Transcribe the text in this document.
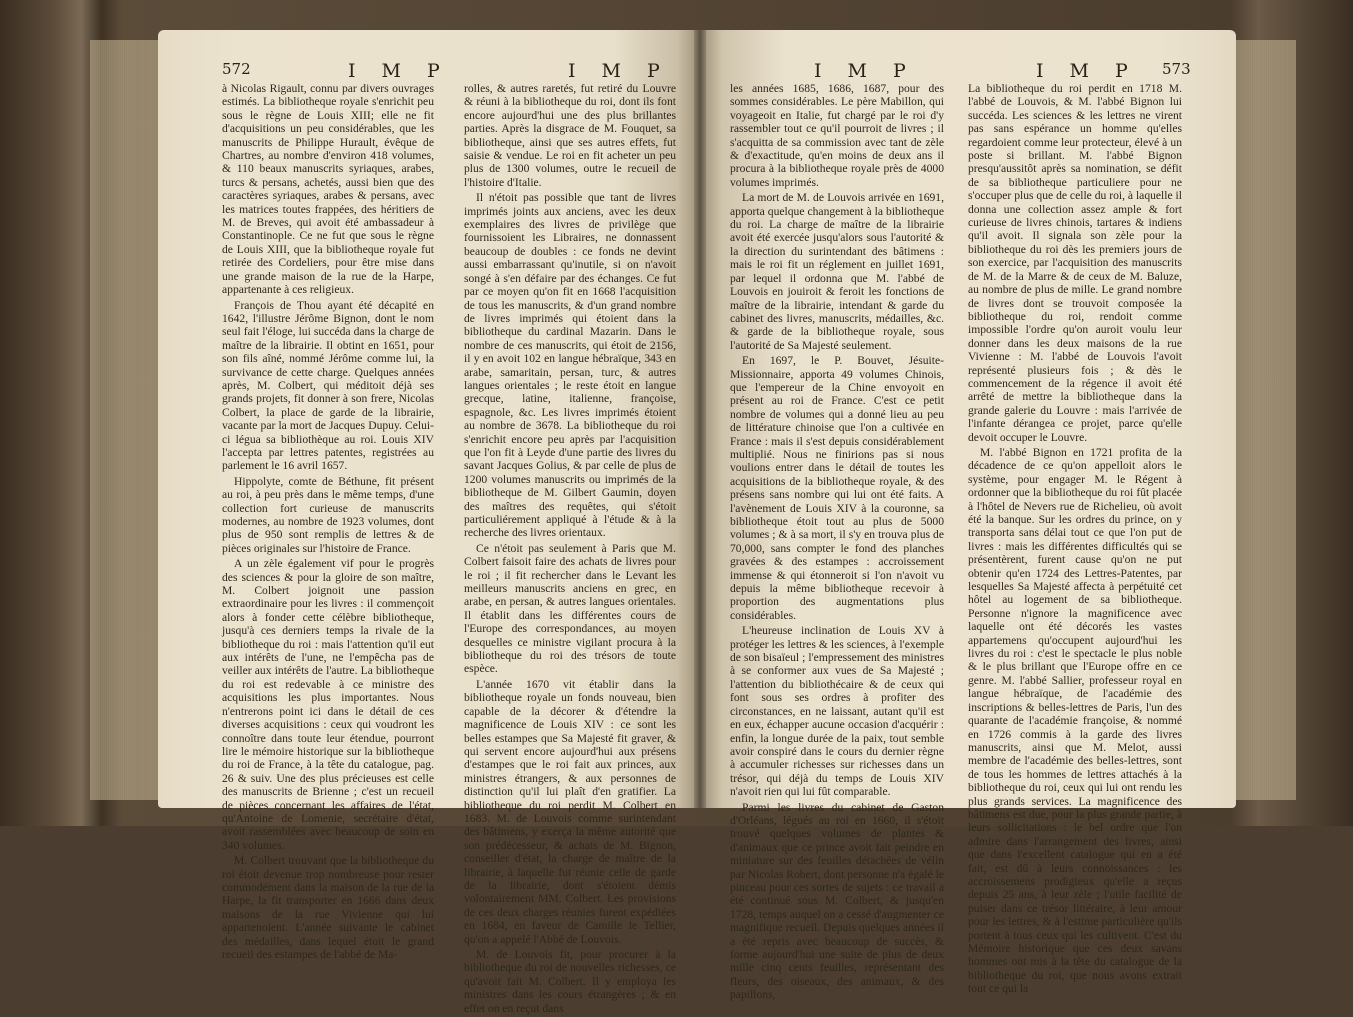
572	I M P	I M P

à Nicolas Rigault, connu par divers ouvrages estimés. La bibliotheque royale s'enrichit peu sous le règne de Louis XIII; elle ne fit d'acquisitions un peu considérables, que les manuscrits de Philippe Hurault, évêque de Chartres, au nombre d'environ 418 volumes, & 110 beaux manuscrits syriaques, arabes, turcs & persans, achetés, aussi bien que des caractères syriaques, arabes & persans, avec les matrices toutes frappées, des héritiers de M. de Breves, qui avoit été ambassadeur à Constantinople. Ce ne fut que sous le règne de Louis XIII, que la bibliotheque royale fut retirée des Cordeliers, pour être mise dans une grande maison de la rue de la Harpe, appartenante à ces religieux.

François de Thou ayant été décapité en 1642, l'illustre Jérôme Bignon, dont le nom seul fait l'éloge, lui succéda dans la charge de maître de la librairie. Il obtint en 1651, pour son fils aîné, nommé Jérôme comme lui, la survivance de cette charge. Quelques années après, M. Colbert, qui méditoit déjà ses grands projets, fit donner à son frere, Nicolas Colbert, la place de garde de la librairie, vacante par la mort de Jacques Dupuy. Celui-ci légua sa bibliothèque au roi. Louis XIV l'accepta par lettres patentes, registrées au parlement le 16 avril 1657.

Hippolyte, comte de Béthune, fit présent au roi, à peu près dans le même temps, d'une collection fort curieuse de manuscrits modernes, au nombre de 1923 volumes, dont plus de 950 sont remplis de lettres & de pièces originales sur l'histoire de France.

A un zèle également vif pour le progrès des sciences & pour la gloire de son maître, M. Colbert joignoit une passion extraordinaire pour les livres : il commençoit alors à fonder cette célèbre bibliotheque, jusqu'à ces derniers temps la rivale de la bibliotheque du roi : mais l'attention qu'il eut aux intérêts de l'une, ne l'empêcha pas de veiller aux intérêts de l'autre. La bibliotheque du roi est redevable à ce ministre des acquisitions les plus importantes. Nous n'entrerons point ici dans le détail de ces diverses acquisitions : ceux qui voudront les connoître dans toute leur étendue, pourront lire le mémoire historique sur la bibliotheque du roi de France, à la tête du catalogue, pag. 26 & suiv. Une des plus précieuses est celle des manuscrits de Brienne ; c'est un recueil de pièces concernant les affaires de l'état, qu'Antoine de Lomenie, secrétaire d'état, avoit rassemblées avec beaucoup de soin en 340 volumes.

M. Colbert trouvant que la bibliotheque du roi étoit devenue trop nombreuse pour rester commodément dans la maison de la rue de la Harpe, la fit transporter en 1666 dans deux maisons de la rue Vivienne qui lui appartenoient. L'année suivante le cabinet des médailles, dans lequel étoit le grand recueil des estampes de l'abbé de Ma-

rolles, & autres raretés, fut retiré du Louvre & réuni à la bibliotheque du roi, dont ils font encore aujourd'hui une des plus brillantes parties. Après la disgrace de M. Fouquet, sa bibliotheque, ainsi que ses autres effets, fut saisie & vendue. Le roi en fit acheter un peu plus de 1300 volumes, outre le recueil de l'histoire d'Italie.

Il n'étoit pas possible que tant de livres imprimés joints aux anciens, avec les deux exemplaires des livres de privilège que fournissoient les Libraires, ne donnassent beaucoup de doubles : ce fonds ne devint aussi embarrassant qu'inutile, si on n'avoit songé à s'en défaire par des échanges. Ce fut par ce moyen qu'on fit en 1668 l'acquisition de tous les manuscrits, & d'un grand nombre de livres imprimés qui étoient dans la bibliotheque du cardinal Mazarin. Dans le nombre de ces manuscrits, qui étoit de 2156, il y en avoit 102 en langue hébraïque, 343 en arabe, samaritain, persan, turc, & autres langues orientales ; le reste étoit en langue grecque, latine, italienne, françoise, espagnole, &c. Les livres imprimés étoient au nombre de 3678. La bibliotheque du roi s'enrichit encore peu après par l'acquisition que l'on fit à Leyde d'une partie des livres du savant Jacques Golius, & par celle de plus de 1200 volumes manuscrits ou imprimés de la bibliotheque de M. Gilbert Gaumin, doyen des maîtres des requêtes, qui s'étoit particuliérement appliqué à l'étude & à la recherche des livres orientaux.

Ce n'étoit pas seulement à Paris que M. Colbert faisoit faire des achats de livres pour le roi ; il fit rechercher dans le Levant les meilleurs manuscrits anciens en grec, en arabe, en persan, & autres langues orientales. Il établit dans les différentes cours de l'Europe des correspondances, au moyen desquelles ce ministre vigilant procura à la bibliotheque du roi des trésors de toute espèce.

L'année 1670 vit établir dans la bibliotheque royale un fonds nouveau, bien capable de la décorer & d'étendre la magnificence de Louis XIV : ce sont les belles estampes que Sa Majesté fit graver, & qui servent encore aujourd'hui aux présens d'estampes que le roi fait aux princes, aux ministres étrangers, & aux personnes de distinction qu'il lui plaît d'en gratifier. La bibliotheque du roi perdit M. Colbert en 1683. M. de Louvois comme surintendant des bâtimens, y exerça la même autorité que son prédécesseur, & achats de M. Bignon, conseiller d'état, la charge de maître de la librairie, à laquelle fut réunie celle de garde de la librairie, dont s'étoient démis volontairement MM. Colbert. Les provisions de ces deux charges réunies furent expédiées en 1684, en faveur de Camille le Tellier, qu'on a appelé l'Abbé de Louvois.

M. de Louvois fit, pour procurer à la bibliotheque du roi de nouvelles richesses, ce qu'avoit fait M. Colbert. Il y employa les ministres dans les cours étrangères ; & en effet on en reçut dans

I M P	I M P 573

les années 1685, 1686, 1687, pour des sommes considérables. Le père Mabillon, qui voyageoit en Italie, fut chargé par le roi d'y rassembler tout ce qu'il pourroit de livres ; il s'acquitta de sa commission avec tant de zèle & d'exactitude, qu'en moins de deux ans il procura à la bibliotheque royale près de 4000 volumes imprimés.

La mort de M. de Louvois arrivée en 1691, apporta quelque changement à la bibliotheque du roi. La charge de maître de la librairie avoit été exercée jusqu'alors sous l'autorité & la direction du surintendant des bâtimens : mais le roi fit un réglement en juillet 1691, par lequel il ordonna que M. l'abbé de Louvois en jouiroit & feroit les fonctions de maître de la librairie, intendant & garde du cabinet des livres, manuscrits, médailles, &c. & garde de la bibliotheque royale, sous l'autorité de Sa Majesté seulement.

En 1697, le P. Bouvet, Jésuite-Missionnaire, apporta 49 volumes Chinois, que l'empereur de la Chine envoyoit en présent au roi de France. C'est ce petit nombre de volumes qui a donné lieu au peu de littérature chinoise que l'on a cultivée en France : mais il s'est depuis considérablement multiplié. Nous ne finirions pas si nous voulions entrer dans le détail de toutes les acquisitions de la bibliotheque royale, & des présens sans nombre qui lui ont été faits. A l'avènement de Louis XIV à la couronne, sa bibliotheque étoit tout au plus de 5000 volumes ; & à sa mort, il s'y en trouva plus de 70,000, sans compter le fond des planches gravées & des estampes : accroissement immense & qui étonneroit si l'on n'avoit vu depuis la même bibliotheque recevoir à proportion des augmentations plus considérables.

L'heureuse inclination de Louis XV à protéger les lettres & les sciences, à l'exemple de son bisaïeul ; l'empressement des ministres à se conformer aux vues de Sa Majesté ; l'attention du bibliothécaire & de ceux qui font sous ses ordres à profiter des circonstances, en ne laissant, autant qu'il est en eux, échapper aucune occasion d'acquérir : enfin, la longue durée de la paix, tout semble avoir conspiré dans le cours du dernier règne à accumuler richesses sur richesses dans un trésor, qui déjà du temps de Louis XIV n'avoit rien qui lui fût comparable.

Parmi les livres du cabinet de Gaston d'Orléans, légués au roi en 1660, il s'étoit trouvé quelques volumes de plantes & d'animaux que ce prince avoit fait peindre en miniature sur des feuilles détachées de vélin par Nicolas Robert, dont personne n'a égalé le pinceau pour ces sortes de sujets : ce travail a été continué sous M. Colbert, & jusqu'en 1728, temps auquel on a cessé d'augmenter ce magnifique recueil. Depuis quelques années il a été repris avec beaucoup de succès, & forme aujourd'hui une suite de plus de deux mille cinq cents feuilles, représentant des fleurs, des oiseaux, des animaux, & des papillons,

La bibliotheque du roi perdit en 1718 M. l'abbé de Louvois, & M. l'abbé Bignon lui succéda. Les sciences & les lettres ne virent pas sans espérance un homme qu'elles regardoient comme leur protecteur, élevé à un poste si brillant. M. l'abbé Bignon presqu'aussitôt après sa nomination, se défit de sa bibliotheque particuliere pour ne s'occuper plus que de celle du roi, à laquelle il donna une collection assez ample & fort curieuse de livres chinois, tartares & indiens qu'il avoit. Il signala son zèle pour la bibliotheque du roi dès les premiers jours de son exercice, par l'acquisition des manuscrits de M. de la Marre & de ceux de M. Baluze, au nombre de plus de mille. Le grand nombre de livres dont se trouvoit composée la bibliotheque du roi, rendoit comme impossible l'ordre qu'on auroit voulu leur donner dans les deux maisons de la rue Vivienne : M. l'abbé de Louvois l'avoit représenté plusieurs fois ; & dès le commencement de la régence il avoit été arrêté de mettre la bibliotheque dans la grande galerie du Louvre : mais l'arrivée de l'infante dérangea ce projet, parce qu'elle devoit occuper le Louvre.

M. l'abbé Bignon en 1721 profita de la décadence de ce qu'on appelloit alors le système, pour engager M. le Régent à ordonner que la bibliotheque du roi fût placée à l'hôtel de Nevers rue de Richelieu, où avoit été la banque. Sur les ordres du prince, on y transporta sans délai tout ce que l'on put de livres : mais les différentes difficultés qui se présentèrent, furent cause qu'on ne put obtenir qu'en 1724 des Lettres-Patentes, par lesquelles Sa Majesté affecta à perpétuité cet hôtel au logement de sa bibliotheque. Personne n'ignore la magnificence avec laquelle ont été décorés les vastes appartemens qu'occupent aujourd'hui les livres du roi : c'est le spectacle le plus noble & le plus brillant que l'Europe offre en ce genre. M. l'abbé Sallier, professeur royal en langue hébraïque, de l'académie des inscriptions & belles-lettres de Paris, l'un des quarante de l'académie françoise, & nommé en 1726 commis à la garde des livres manuscrits, ainsi que M. Melot, aussi membre de l'académie des belles-lettres, sont de tous les hommes de lettres attachés à la bibliotheque du roi, ceux qui lui ont rendu les plus grands services. La magnificence des bâtimens est due, pour la plus grande partie, à leurs sollicitations : le bel ordre que l'on admire dans l'arrangement des livres, ainsi que dans l'excellent catalogue qui en a été fait, est dû à leurs connoissances : les accroissemens prodigieux qu'elle a reçus depuis 25 ans, à leur zèle ; l'utile facilité de puiser dans ce trésor littéraire, à leur amour pour les lettres, & à l'estime particulière qu'ils portent à tous ceux qui les cultivent. C'est du Mémoire historique que ces deux savans hommes ont mis à la tête du catalogue de la bibliotheque du roi, que nous avons extrait tout ce qui la
